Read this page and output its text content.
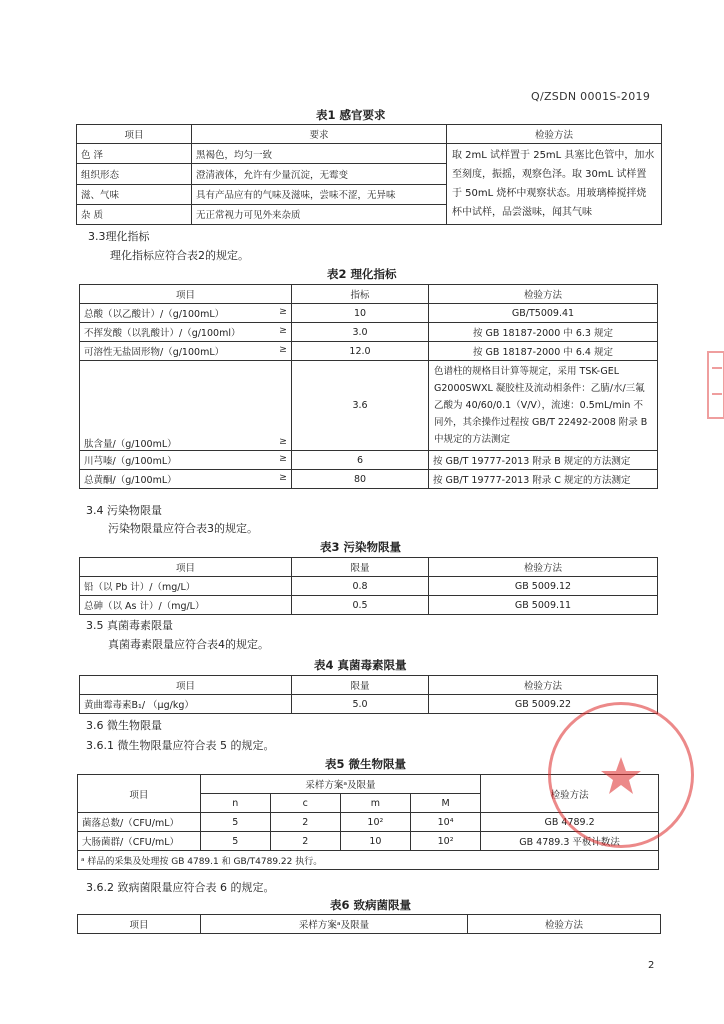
Q/ZSDN 0001S-2019
表1 感官要求
项目	要求	检验方法
色 泽	黑褐色，均匀一致	取 2mL 试样置于 25mL 具塞比色管中，加水至刻度，振摇，观察色泽。取 30mL 试样置于 50mL 烧杯中观察状态。用玻璃棒搅拌烧杯中试样，品尝滋味，闻其气味
组织形态	澄清液体，允许有少量沉淀，无霉变	
滋、气味	具有产品应有的气味及滋味，尝味不涩，无异味	
杂 质	无正常视力可见外来杂质	
3.3理化指标
理化指标应符合表2的规定。
表2 理化指标
项目	指标	检验方法
总酸（以乙酸计）/（g/100mL） ≥	10	GB/T5009.41
不挥发酸（以乳酸计）/（g/100ml） ≥	3.0	按 GB 18187-2000 中 6.3 规定
可溶性无盐固形物/（g/100mL） ≥	12.0	按 GB 18187-2000 中 6.4 规定
肽含量/（g/100mL） ≥	3.6	色谱柱的规格目计算等规定，采用 TSK-GEL G2000SWXL 凝胶柱及流动相条件：乙腈/水/三氟乙酸为 40/60/0.1（V/V），流速：0.5mL/min 不同外，其余操作过程按 GB/T 22492-2008 附录 B 中规定的方法测定
川芎嗪/（g/100mL） ≥	6	按 GB/T 19777-2013 附录 B 规定的方法测定
总黄酮/（g/100mL） ≥	80	按 GB/T 19777-2013 附录 C 规定的方法测定
3.4 污染物限量
污染物限量应符合表3的规定。
表3 污染物限量
项目	限量	检验方法
铅（以 Pb 计）/（mg/L）	0.8	GB 5009.12
总砷（以 As 计）/（mg/L）	0.5	GB 5009.11
3.5 真菌毒素限量
真菌毒素限量应符合表4的规定。
表4 真菌毒素限量
项目	限量	检验方法
黄曲霉毒素B₁/ （μg/kg）	5.0	GB 5009.22
3.6 微生物限量
3.6.1 微生物限量应符合表 5 的规定。
表5 微生物限量
项目	采样方案ᵃ及限量				检验方法
	n	c	m	M	
菌落总数/（CFU/mL）	5	2	10²	10⁴	GB 4789.2
大肠菌群/（CFU/mL）	5	2	10	10²	GB 4789.3 平板计数法
ᵃ 样品的采集及处理按 GB 4789.1 和 GB/T4789.22 执行。					
3.6.2 致病菌限量应符合表 6 的规定。
表6 致病菌限量
项目	采样方案ᵃ及限量	检验方法
2
